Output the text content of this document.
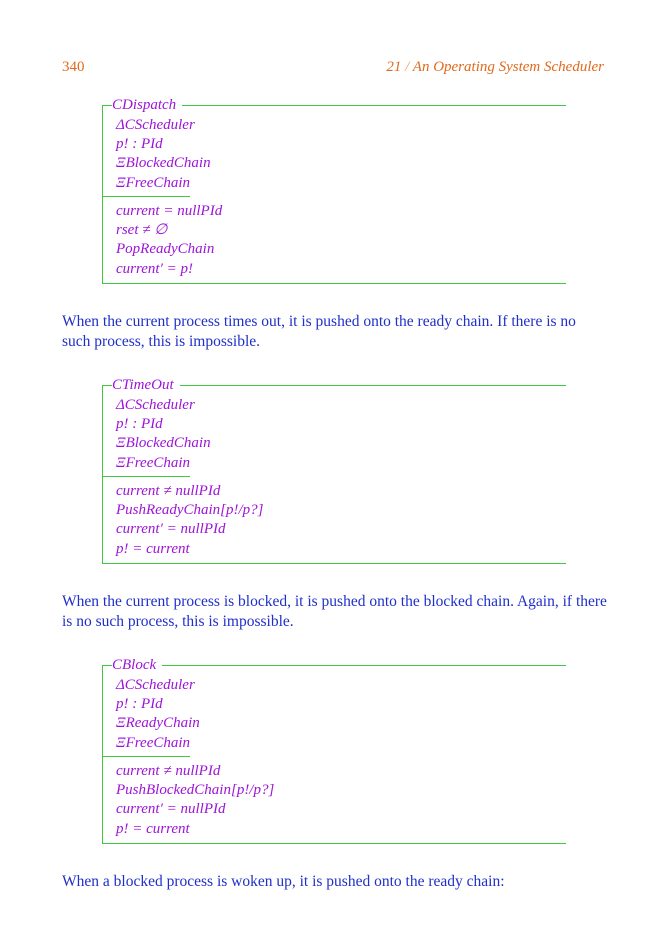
340	21 / An Operating System Scheduler
CDispatch
ΔCScheduler
p! : PId
ΞBlockedChain
ΞFreeChain
current = nullPId
rset ≠ ∅
PopReadyChain
current′ = p!

When the current process times out, it is pushed onto the ready chain. If there is no such process, this is impossible.

CTimeOut
ΔCScheduler
p! : PId
ΞBlockedChain
ΞFreeChain
current ≠ nullPId
PushReadyChain[p!/p?]
current′ = nullPId
p! = current

When the current process is blocked, it is pushed onto the blocked chain. Again, if there is no such process, this is impossible.

CBlock
ΔCScheduler
p! : PId
ΞReadyChain
ΞFreeChain
current ≠ nullPId
PushBlockedChain[p!/p?]
current′ = nullPId
p! = current

When a blocked process is woken up, it is pushed onto the ready chain:
